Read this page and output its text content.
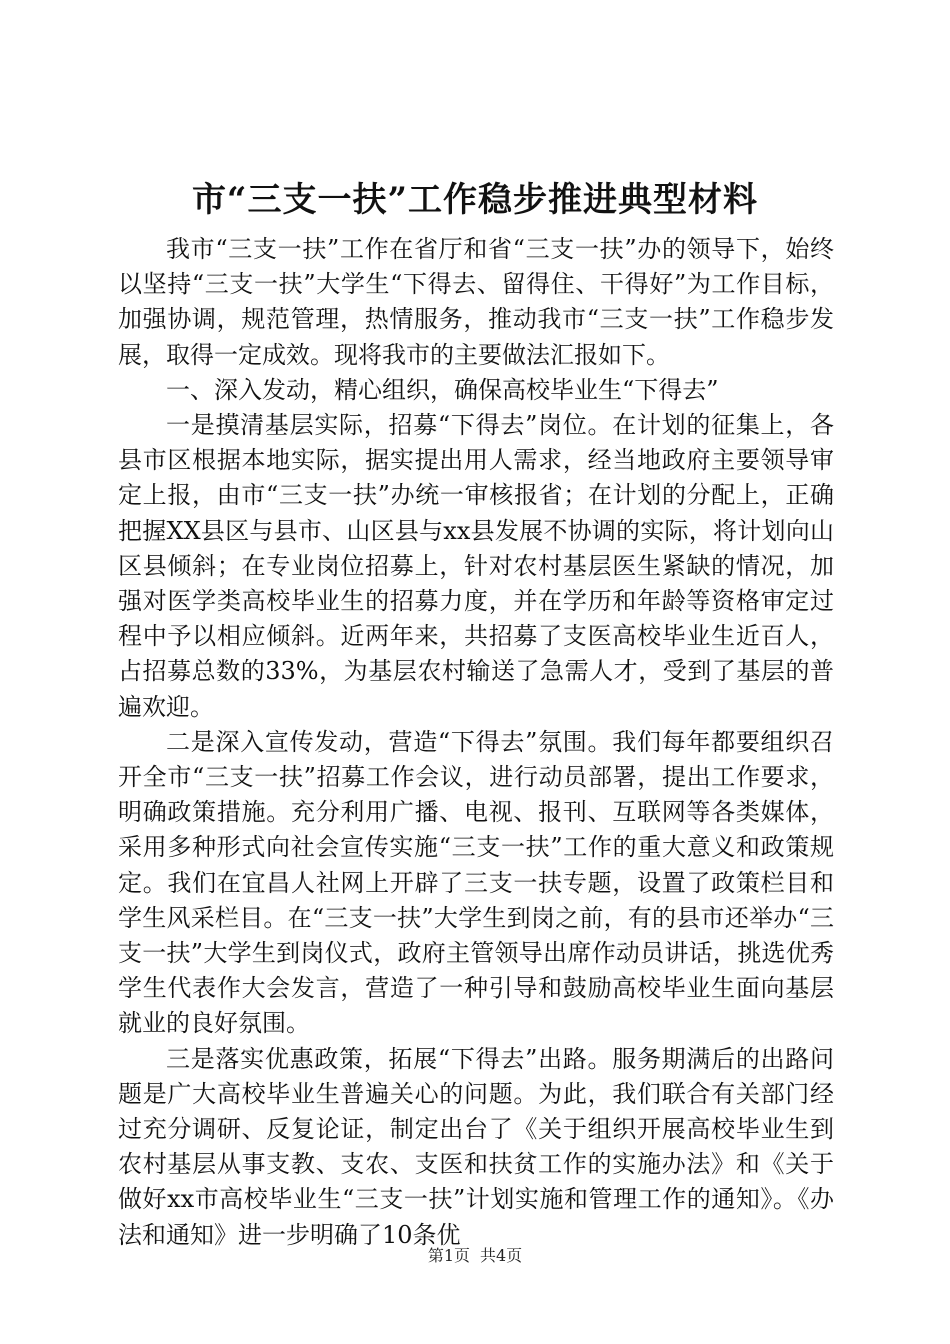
市“三支一扶”工作稳步推进典型材料

我市“三支一扶”工作在省厅和省“三支一扶”办的领导下，始终以坚持“三支一扶”大学生“下得去、留得住、干得好”为工作目标，加强协调，规范管理，热情服务，推动我市“三支一扶”工作稳步发展，取得一定成效。现将我市的主要做法汇报如下。

一、深入发动，精心组织，确保高校毕业生“下得去”

一是摸清基层实际，招募“下得去”岗位。在计划的征集上，各县市区根据本地实际，据实提出用人需求，经当地政府主要领导审定上报，由市“三支一扶”办统一审核报省；在计划的分配上，正确把握XX县区与县市、山区县与xx县发展不协调的实际，将计划向山区县倾斜；在专业岗位招募上，针对农村基层医生紧缺的情况，加强对医学类高校毕业生的招募力度，并在学历和年龄等资格审定过程中予以相应倾斜。近两年来，共招募了支医高校毕业生近百人，占招募总数的33%，为基层农村输送了急需人才，受到了基层的普遍欢迎。

二是深入宣传发动，营造“下得去”氛围。我们每年都要组织召开全市“三支一扶”招募工作会议，进行动员部署，提出工作要求，明确政策措施。充分利用广播、电视、报刊、互联网等各类媒体，采用多种形式向社会宣传实施“三支一扶”工作的重大意义和政策规定。我们在宜昌人社网上开辟了三支一扶专题，设置了政策栏目和学生风采栏目。在“三支一扶”大学生到岗之前，有的县市还举办“三支一扶”大学生到岗仪式，政府主管领导出席作动员讲话，挑选优秀学生代表作大会发言，营造了一种引导和鼓励高校毕业生面向基层就业的良好氛围。

三是落实优惠政策，拓展“下得去”出路。服务期满后的出路问题是广大高校毕业生普遍关心的问题。为此，我们联合有关部门经过充分调研、反复论证，制定出台了《关于组织开展高校毕业生到农村基层从事支教、支农、支医和扶贫工作的实施办法》和《关于做好xx市高校毕业生“三支一扶”计划实施和管理工作的通知》。《办法和通知》进一步明确了10条优

第1页 共4页
